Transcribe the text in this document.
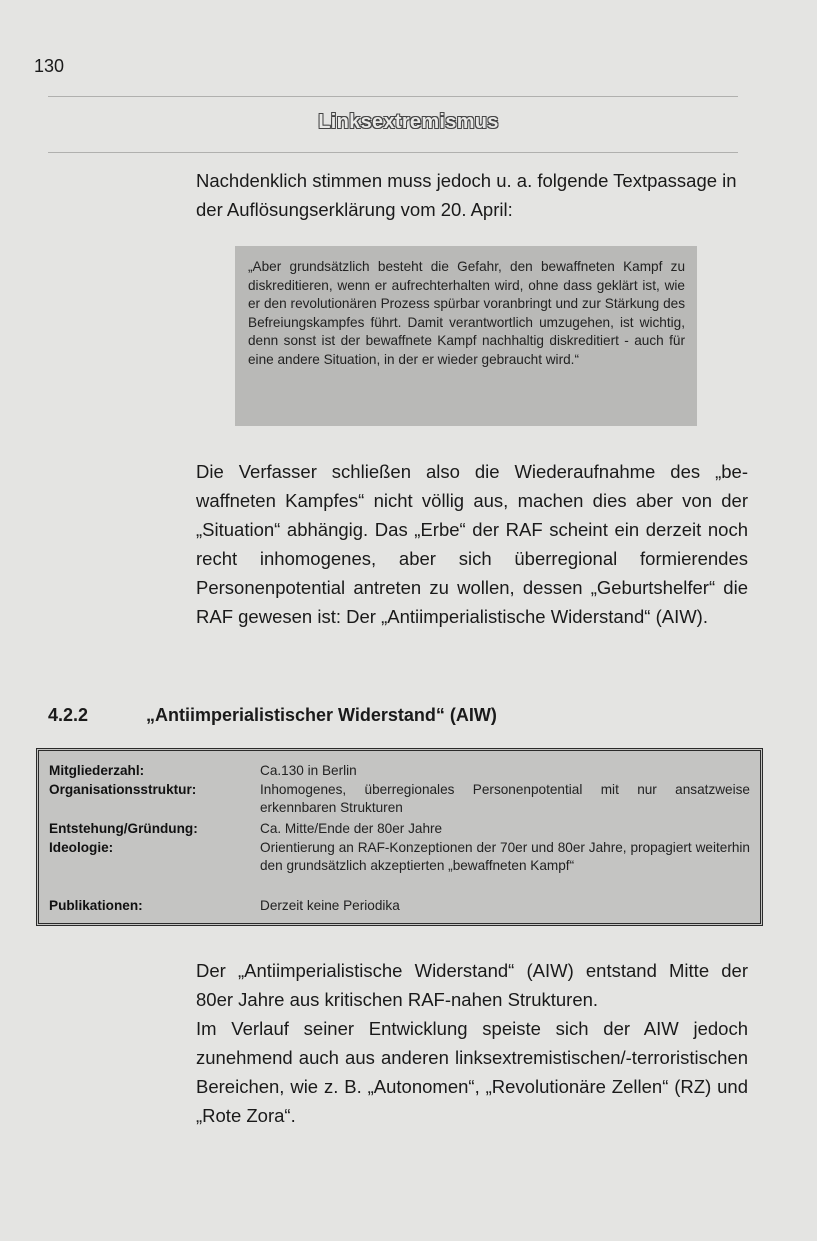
130
Linksextremismus
Nachdenklich stimmen muss jedoch u. a. folgende Textpassage in der Auflösungserklärung vom 20. April:
„Aber grundsätzlich besteht die Gefahr, den bewaffneten Kampf zu diskreditieren, wenn er aufrechterhalten wird, ohne dass geklärt ist, wie er den revolutionären Prozess spürbar voranbringt und zur Stärkung des Befreiungskampfes führt. Damit verantwortlich umzugehen, ist wichtig, denn sonst ist der bewaffnete Kampf nachhaltig diskreditiert - auch für eine andere Situation, in der er wieder gebraucht wird.“
Die Verfasser schließen also die Wiederaufnahme des „bewaffneten Kampfes“ nicht völlig aus, machen dies aber von der „Situation“ abhängig. Das „Erbe“ der RAF scheint ein derzeit noch recht inhomogenes, aber sich überregional formierendes Personenpotential antreten zu wollen, dessen „Geburtshelfer“ die RAF gewesen ist: Der „Antiimperialistische Widerstand“ (AIW).
4.2.2	„Antiimperialistischer Widerstand“ (AIW)
Mitgliederzahl:	Ca.130 in Berlin
Organisationsstruktur:	Inhomogenes, überregionales Personenpotential mit nur ansatzweise erkennbaren Strukturen
Entstehung/Gründung:	Ca. Mitte/Ende der 80er Jahre
Ideologie:	Orientierung an RAF-Konzeptionen der 70er und 80er Jahre, propagiert weiterhin den grundsätzlich akzeptierten „bewaffneten Kampf“
Publikationen:	Derzeit keine Periodika
Der „Antiimperialistische Widerstand“ (AIW) entstand Mitte der 80er Jahre aus kritischen RAF-nahen Strukturen.
Im Verlauf seiner Entwicklung speiste sich der AIW jedoch zunehmend auch aus anderen linksextremistischen/-terroristischen Bereichen, wie z. B. „Autonomen“, „Revolutionäre Zellen“ (RZ) und „Rote Zora“.
